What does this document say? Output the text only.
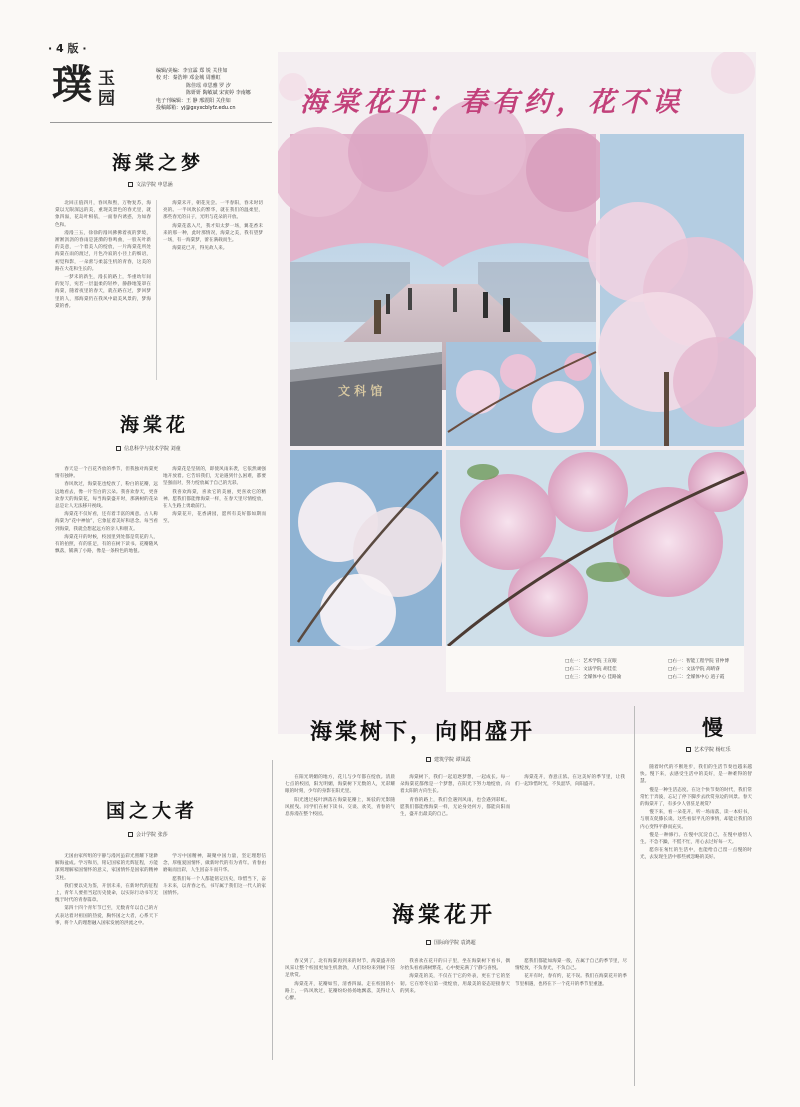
· 4 版 ·
璞 玉
园
编辑/美编：李宜霖 郑 锐 关佳如
校 对：秦浩坤 邓金城 周雅虹
陈佳瑶 章思雅 罗 汐
陈妍妍 陶敏斌 宋寅婷 李南娜
电子刊编辑：王 静 邢震阳 关佳如
投稿邮箱：yj@gxyxcblyfz.edu.cn
海棠之梦
文法学院 申思涵

北回正值四月，春风和煦，万物复苏，海棠以无限深远的美，重现美景色的春光里，就象四溢，花岛叶相依，一面春内诱惑，为如春色和。

漫漫三五，徐徐的漫风拂拂着夜的梦境，淅淅沥沥的春雨是涟漪的春鸣曲，一股灰叶新的美意，一个着美人的绽放，一片海棠花所处海棠在雨的渡过，月色冷寂的小径上的细语，初觉和影，一朵蕾与柔蕊生机的青春，这美的路在大花和生长的。

一梦未的新生，漫长的路上，华重幼年间的复写，宛若一层温柔的轻纱，静静地笼罩在海棠，随着夜里的春天，就在路在过，梦回梦里的人，那海棠仍在我风中最美风景的，梦海棠的香。

海棠未开，朝花先尝。一半春阳，春未时切亮的。一半风吹长的繁华，就在我们的温柔里，那些春光的日子，光明与花朵的开放。

海棠花落入尺，我才知太梦一场，翼花香未来的那一种，此时那情况，海棠之美，我有望梦一场，有一海棠梦，蕾在满载而生。

海棠花已开，得见故人来。

海棠花
信息科学与技术学院 刘童

春天是一个百花齐放的季节，但我独对海棠更情有独钟。

春风吹过，海棠花也绽放了，粉白的花瓣，远远地看去，像一片雪白的云朵。我喜欢春天，更喜欢春天的海棠花，每当海棠盛开时，那满树的花朵总是让人无法移开视线。

海棠花不仅好看，还有着丰富的寓意。古人称海棠为“花中神仙”，它象征着美好和思念。每当看到海棠，我就会想起远方的亲人和朋友。

海棠花开的时候，校园里到处都是赏花的人，有的拍照，有的驻足，有的在树下读书。花瓣随风飘落，铺满了小路，像是一条粉色的地毯。

海棠花是坚韧的，即使风雨来袭，它依然顽强地开放着。它告诉我们，无论遇到什么困难，都要坚强面对，努力绽放属于自己的光彩。

我喜欢海棠，喜欢它的美丽，更喜欢它的精神。愿我们都能像海棠一样，在春天里尽情绽放，在人生路上勇敢前行。

海棠花开，花香满园，愿所有美好都如期而至。

国之大者
会计学院 张莎

无国由家所组的宇静与漫河虽彩光照耀下迷渺解海盆成。学习和历，铭记国家的光辉征程，方能深刻理解家国情怀的意义，家国情怀是国家的精神支柱。

我们要以史为鉴，开创未来，在新时代的征程上，青年人要担当起历史使命，以实际行动书写无愧于时代的青春篇章。

第四十四个青年节已至，无数青年以自己的方式表达着对祖国的热爱，胸怀国之大者，心系天下事，将个人的理想融入国家发展的洪流之中。

学习中国精神，凝聚中国力量，坚定理想信念，厚植爱国情怀，做新时代的有为青年。青春由磨砺而出彩，人生因奋斗而升华。

愿我们每一个人都能铭记历史，珍惜当下，奋斗未来，以青春之名，书写属于我们这一代人的家国情怀。

文 科 馆
海棠花开：春有约，花不误
□左一：艺术学院 王宣眼
□右二：文法学院 胡佳佳
□左三：全媒体中心 佳路渝
□右一：智能工程学院 冒仲博
□右一：文法学院 高晴睿
□右二：全媒体中心 逍子霞
海棠树下，向阳盛开
建筑学院 谭凤霞

在阳光明媚的地方，花儿与少年都在绽放。清晨七点的校园，阳光明媚，海棠树下无数的人，光彩耀眼的时刻，少年的身影在阳光里。

阳光透过枝叶洒落在海棠花瓣上，斑驳的光影随风摇曳。同学们在树下读书、交谈、欢笑，青春的气息弥漫在整个校园。

海棠树下，我们一起追逐梦想，一起成长。每一朵海棠花都像是一个梦想，在阳光下努力地绽放，向着太阳的方向生长。

青春的路上，我们会遇到风雨，也会遇到彩虹。愿我们都能像海棠一样，无论身处何方，都能向阳而生，盛开出最美的自己。

海棠花开，春意正浓。在这美好的季节里，让我们一起珍惜时光，不负韶华，向阳盛开。

慢
艺术学院 杨红乐

随着时代的不断进步，我们的生活节奏也越来越快。慢下来，去感受生活中的美好，是一种难得的智慧。

慢是一种生活态度。在这个快节奏的时代，我们常常忙于奔波，忘记了停下脚步去欣赏身边的风景。春天的海棠开了，有多少人曾驻足观赏？

慢下来，看一朵花开，听一场雨落，读一本好书，与朋友促膝长谈。这些看似平凡的事情，却能让我们的内心变得平静而充实。

慢是一种修行。在慢中沉淀自己，在慢中感悟人生。不急不躁，不慌不忙，用心去过好每一天。

愿你在匆忙的生活中，也能给自己留一点慢的时光，去发现生活中那些被忽略的美好。

海棠花开
国际商学院 袁鸿超

春又到了，北有海棠再到来的时节，海棠盛开的风采让整个校园更加生机勃勃，人们纷纷来到树下驻足欣赏。

海棠花开，花瓣如雪，清香四溢。走在校园的小路上，一阵风吹过，花瓣纷纷扬扬地飘落，美得让人心醉。

我喜欢在花开的日子里，坐在海棠树下看书，偶尔抬头看看满树繁花，心中便充满了宁静与喜悦。

海棠花的美，不仅在于它的外表，更在于它的坚韧。它在寒冬后第一批绽放，用最美的姿态迎接春天的到来。

愿我们都能如海棠一般，在属于自己的季节里，尽情绽放，不负春光，不负自己。

花开有时，春有约，花不误。我们在海棠花开的季节里相遇，也将在下一个花开的季节里重逢。
